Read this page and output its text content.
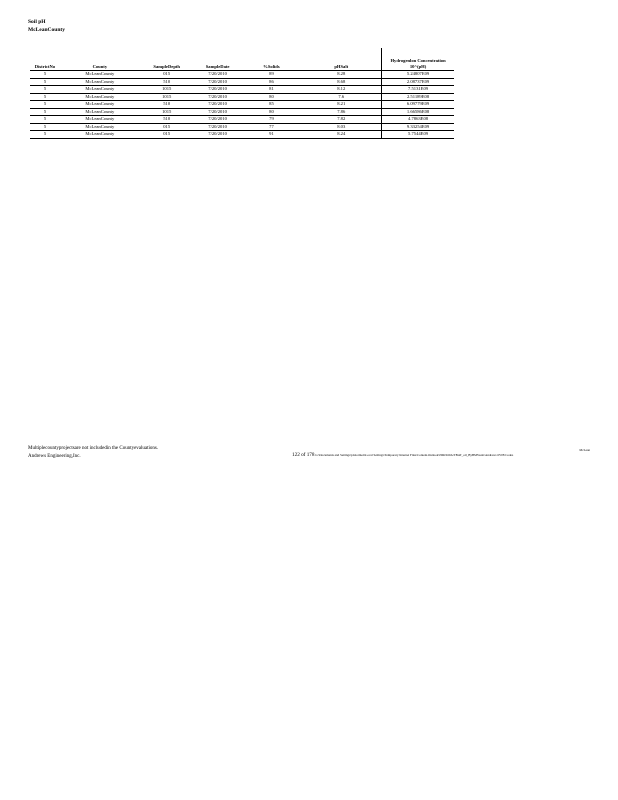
Soil pH
McLeanCounty
DistrictNo	County	SampleDepth	SampleDate	%Solids	pHSalt	Hydrogenlon Concentration
10^(pH)

5	McLeanCounty	015	7/20/2010	89	8.28	5.24807E09
5	McLeanCounty	510	7/20/2010	86	8.68	2.08737E09
5	McLeanCounty	1015	7/20/2010	81	8.12	7.5131E09
5	McLeanCounty	1015	7/20/2010	80	7.6	2.51189E08
5	McLeanCounty	510	7/20/2010	85	8.21	6.09779E09
5	McLeanCounty	1015	7/20/2010	80	7.86	1.66586E08
5	McLeanCounty	510	7/20/2010	79	7.82	4.7863E08
5	McLeanCounty	015	7/20/2010	77	8.03	9.33254E09
5	McLeanCounty	015	7/20/2010	91	8.24	5.7544E09
Multiplecountyprojectsare not includedin the Countyevaluations.
Andrews Engineering,Inc.
McLean
122 of 178 G:\Documents and Settings\jdolormon\Local Settings\Temporary Internet Files\Content.Outlook\N6KS60A\TBAT_oil_ByBMSvent\Andrews 6V08 Codes
